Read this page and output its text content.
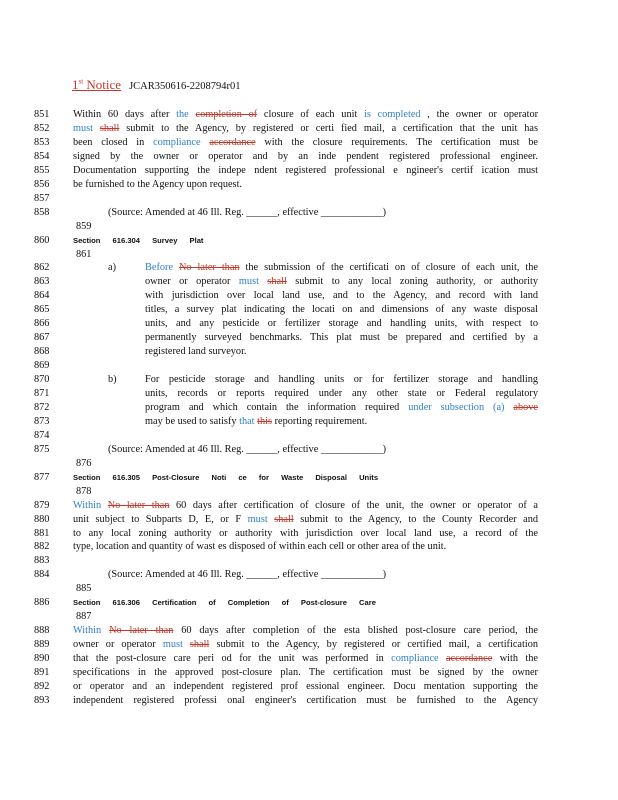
1st Notice JCAR350616-2208794r01
851	Within 60 days after the completion of closure of each unit is completed , the owner or operator
852	must shall submit to the Agency, by registered or certi fied mail, a certification that the unit has
853	been closed in compliance accordance with the closure requirements. The certification must be
854	signed by the owner or operator and by an inde pendent registered professional engineer.
855	Documentation supporting the indepe ndent registered professional e ngineer's certif ication must
856	be furnished to the Agency upon request.
857
858	(Source: Amended at 46 Ill. Reg. ______, effective ____________)
859
860	Section 616.304 Survey Plat
861
862	a)	Before No later than the submission of the certificati on of closure of each unit, the
863	owner or operator must shall submit to any local zoning authority, or authority
864	with jurisdiction over local land use, and to the Agency, and record with land
865	titles, a survey plat indicating the locati on and dimensions of any waste disposal
866	units, and any pesticide or fertilizer storage and handling units, with respect to
867	permanently surveyed benchmarks. This plat must be prepared and certified by a
868	registered land surveyor.
869
870	b)	For pesticide storage and handling units or for fertilizer storage and handling
871	units, records or reports required under any other state or Federal regulatory
872	program and which contain the information required under subsection (a) above
873	may be used to satisfy that this reporting requirement.
874
875	(Source: Amended at 46 Ill. Reg. ______, effective ____________)
876
877	Section 616.305 Post-Closure Noti ce for Waste Disposal Units
878
879	Within No later than 60 days after certification of closure of the unit, the owner or operator of a
880	unit subject to Subparts D, E, or F must shall submit to the Agency, to the County Recorder and
881	to any local zoning authority or authority with jurisdiction over local land use, a record of the
882	type, location and quantity of wast es disposed of within each cell or other area of the unit.
883
884	(Source: Amended at 46 Ill. Reg. ______, effective ____________)
885
886	Section 616.306 Certification of Completion of Post-closure Care
887
888	Within No later than 60 days after completion of the esta blished post-closure care period, the
889	owner or operator must shall submit to the Agency, by registered or certified mail, a certification
890	that the post-closure care peri od for the unit was performed in compliance accordance with the
891	specifications in the approved post-closure plan. The certification must be signed by the owner
892	or operator and an independent registered prof essional engineer. Docu mentation supporting the
893	independent registered professi onal engineer's certification must be furnished to the Agency
